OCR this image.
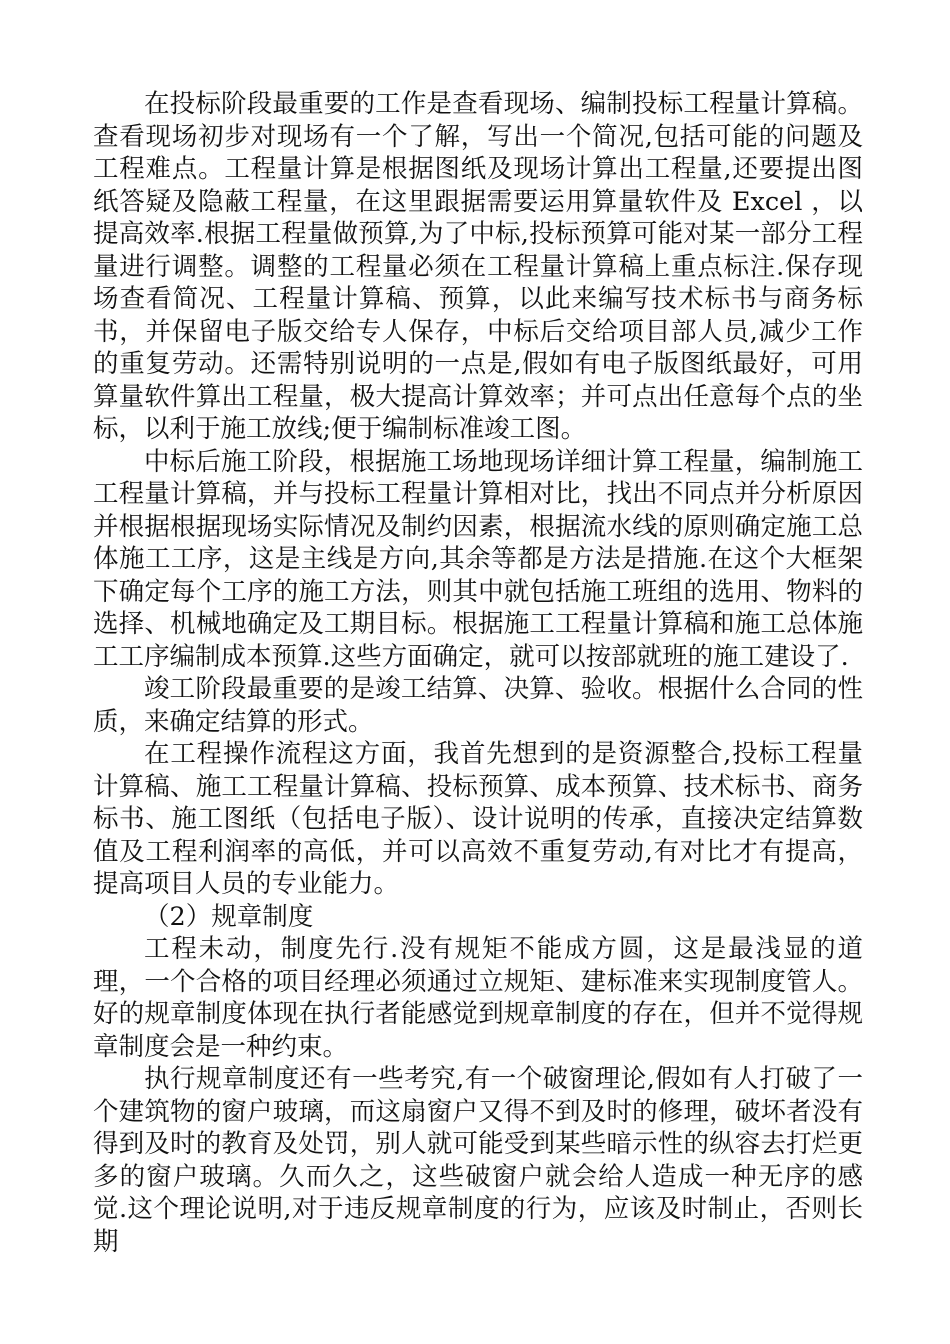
在投标阶段最重要的工作是查看现场、编制投标工程量计算稿。查看现场初步对现场有一个了解，写出一个简况,包括可能的问题及工程难点。工程量计算是根据图纸及现场计算出工程量,还要提出图纸答疑及隐蔽工程量，在这里跟据需要运用算量软件及 Excel ，以提高效率.根据工程量做预算,为了中标,投标预算可能对某一部分工程量进行调整。调整的工程量必须在工程量计算稿上重点标注.保存现场查看简况、工程量计算稿、预算，以此来编写技术标书与商务标书，并保留电子版交给专人保存，中标后交给项目部人员,减少工作的重复劳动。还需特别说明的一点是,假如有电子版图纸最好，可用算量软件算出工程量，极大提高计算效率；并可点出任意每个点的坐标，以利于施工放线;便于编制标准竣工图。

中标后施工阶段，根据施工场地现场详细计算工程量，编制施工工程量计算稿，并与投标工程量计算相对比，找出不同点并分析原因并根据根据现场实际情况及制约因素，根据流水线的原则确定施工总体施工工序，这是主线是方向,其余等都是方法是措施.在这个大框架下确定每个工序的施工方法，则其中就包括施工班组的选用、物料的选择、机械地确定及工期目标。根据施工工程量计算稿和施工总体施工工序编制成本预算.这些方面确定，就可以按部就班的施工建设了.

竣工阶段最重要的是竣工结算、决算、验收。根据什么合同的性质，来确定结算的形式。

在工程操作流程这方面，我首先想到的是资源整合,投标工程量计算稿、施工工程量计算稿、投标预算、成本预算、技术标书、商务标书、施工图纸（包括电子版）、设计说明的传承，直接决定结算数值及工程利润率的高低，并可以高效不重复劳动,有对比才有提高，提高项目人员的专业能力。

（2）规章制度

工程未动，制度先行.没有规矩不能成方圆，这是最浅显的道理，一个合格的项目经理必须通过立规矩、建标准来实现制度管人。好的规章制度体现在执行者能感觉到规章制度的存在，但并不觉得规章制度会是一种约束。

执行规章制度还有一些考究,有一个破窗理论,假如有人打破了一个建筑物的窗户玻璃，而这扇窗户又得不到及时的修理，破坏者没有得到及时的教育及处罚，别人就可能受到某些暗示性的纵容去打烂更多的窗户玻璃。久而久之，这些破窗户就会给人造成一种无序的感觉.这个理论说明,对于违反规章制度的行为，应该及时制止，否则长期
